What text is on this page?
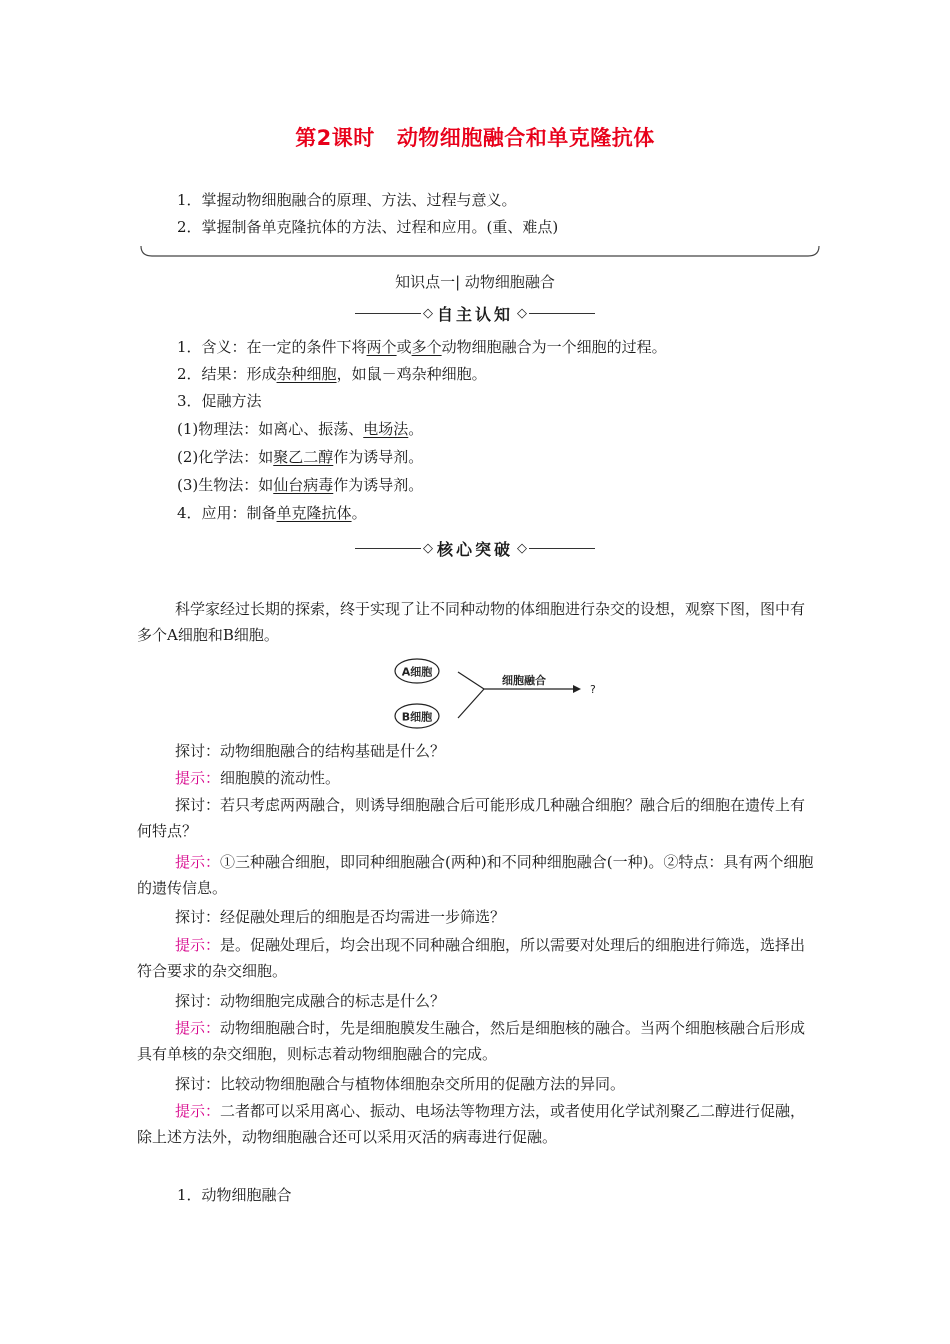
第2课时 动物细胞融合和单克隆抗体
1．掌握动物细胞融合的原理、方法、过程与意义。
2．掌握制备单克隆抗体的方法、过程和应用。(重、难点)
知识点一| 动物细胞融合
◇ 自主认知 ◇
1．含义：在一定的条件下将两个或多个动物细胞融合为一个细胞的过程。
2．结果：形成杂种细胞，如鼠－鸡杂种细胞。
3．促融方法
(1)物理法：如离心、振荡、电场法。
(2)化学法：如聚乙二醇作为诱导剂。
(3)生物法：如仙台病毒作为诱导剂。
4．应用：制备单克隆抗体。
◇ 核心突破 ◇
科学家经过长期的探索，终于实现了让不同种动物的体细胞进行杂交的设想，观察下图，图中有多个A细胞和B细胞。
A细胞
B细胞
细胞融合
?
探讨：动物细胞融合的结构基础是什么？
提示：细胞膜的流动性。
探讨：若只考虑两两融合，则诱导细胞融合后可能形成几种融合细胞？融合后的细胞在遗传上有何特点？
提示：①三种融合细胞，即同种细胞融合(两种)和不同种细胞融合(一种)。②特点：具有两个细胞的遗传信息。
探讨：经促融处理后的细胞是否均需进一步筛选？
提示：是。促融处理后，均会出现不同种融合细胞，所以需要对处理后的细胞进行筛选，选择出符合要求的杂交细胞。
探讨：动物细胞完成融合的标志是什么？
提示：动物细胞融合时，先是细胞膜发生融合，然后是细胞核的融合。当两个细胞核融合后形成具有单核的杂交细胞，则标志着动物细胞融合的完成。
探讨：比较动物细胞融合与植物体细胞杂交所用的促融方法的异同。
提示：二者都可以采用离心、振动、电场法等物理方法，或者使用化学试剂聚乙二醇进行促融，除上述方法外，动物细胞融合还可以采用灭活的病毒进行促融。
1．动物细胞融合
